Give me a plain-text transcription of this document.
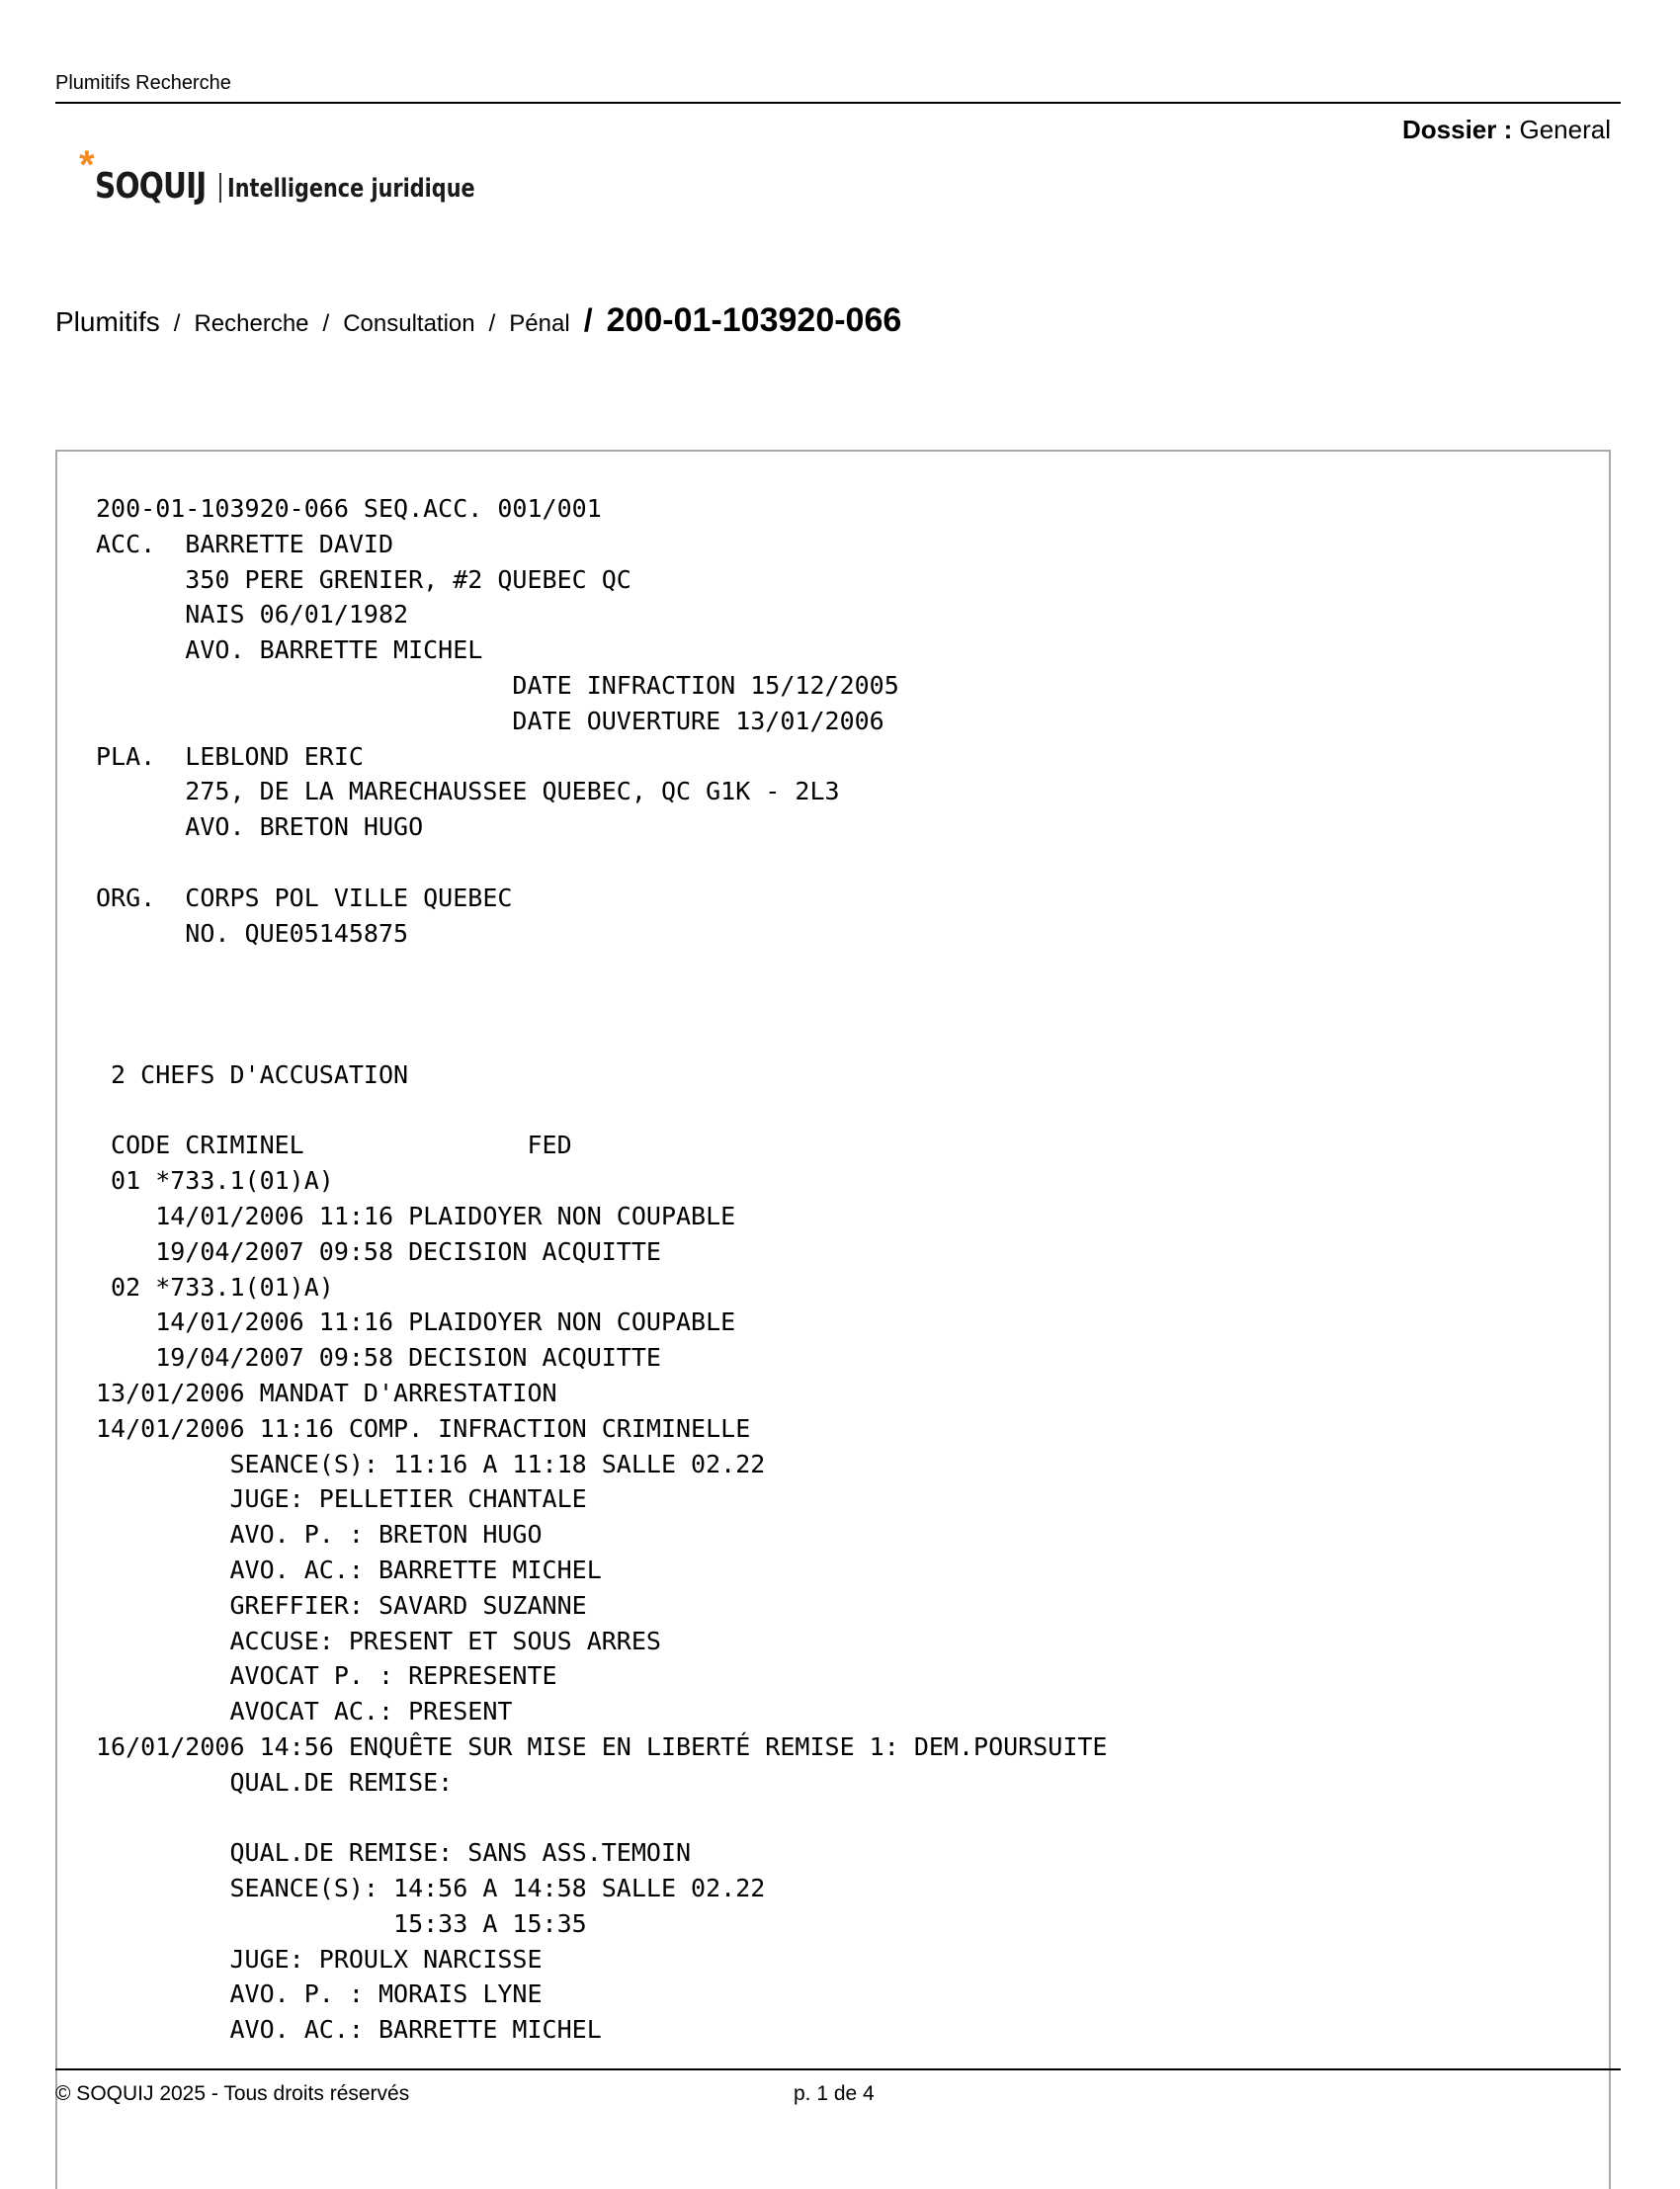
Plumitifs Recherche
Dossier : General
* SOQUIJ Intelligence juridique
Plumitifs / Recherche / Consultation / Pénal / 200-01-103920-066
200-01-103920-066 SEQ.ACC. 001/001
ACC.  BARRETTE DAVID
350 PERE GRENIER, #2 QUEBEC QC
NAIS 06/01/1982
AVO. BARRETTE MICHEL
DATE INFRACTION 15/12/2005
DATE OUVERTURE 13/01/2006
PLA.  LEBLOND ERIC
275, DE LA MARECHAUSSEE QUEBEC, QC G1K - 2L3
AVO. BRETON HUGO

ORG.  CORPS POL VILLE QUEBEC
NO. QUE05145875

2 CHEFS D'ACCUSATION

CODE CRIMINEL               FED
01 *733.1(01)A)
14/01/2006 11:16 PLAIDOYER NON COUPABLE
19/04/2007 09:58 DECISION ACQUITTE
02 *733.1(01)A)
14/01/2006 11:16 PLAIDOYER NON COUPABLE
19/04/2007 09:58 DECISION ACQUITTE
13/01/2006 MANDAT D'ARRESTATION
14/01/2006 11:16 COMP. INFRACTION CRIMINELLE
SEANCE(S): 11:16 A 11:18 SALLE 02.22
JUGE: PELLETIER CHANTALE
AVO. P. : BRETON HUGO
AVO. AC.: BARRETTE MICHEL
GREFFIER: SAVARD SUZANNE
ACCUSE: PRESENT ET SOUS ARRES
AVOCAT P. : REPRESENTE
AVOCAT AC.: PRESENT
16/01/2006 14:56 ENQUÊTE SUR MISE EN LIBERTÉ REMISE 1: DEM.POURSUITE
QUAL.DE REMISE:

QUAL.DE REMISE: SANS ASS.TEMOIN
SEANCE(S): 14:56 A 14:58 SALLE 02.22
15:33 A 15:35
JUGE: PROULX NARCISSE
AVO. P. : MORAIS LYNE
AVO. AC.: BARRETTE MICHEL

© SOQUIJ 2025 - Tous droits réservés	p. 1 de 4
